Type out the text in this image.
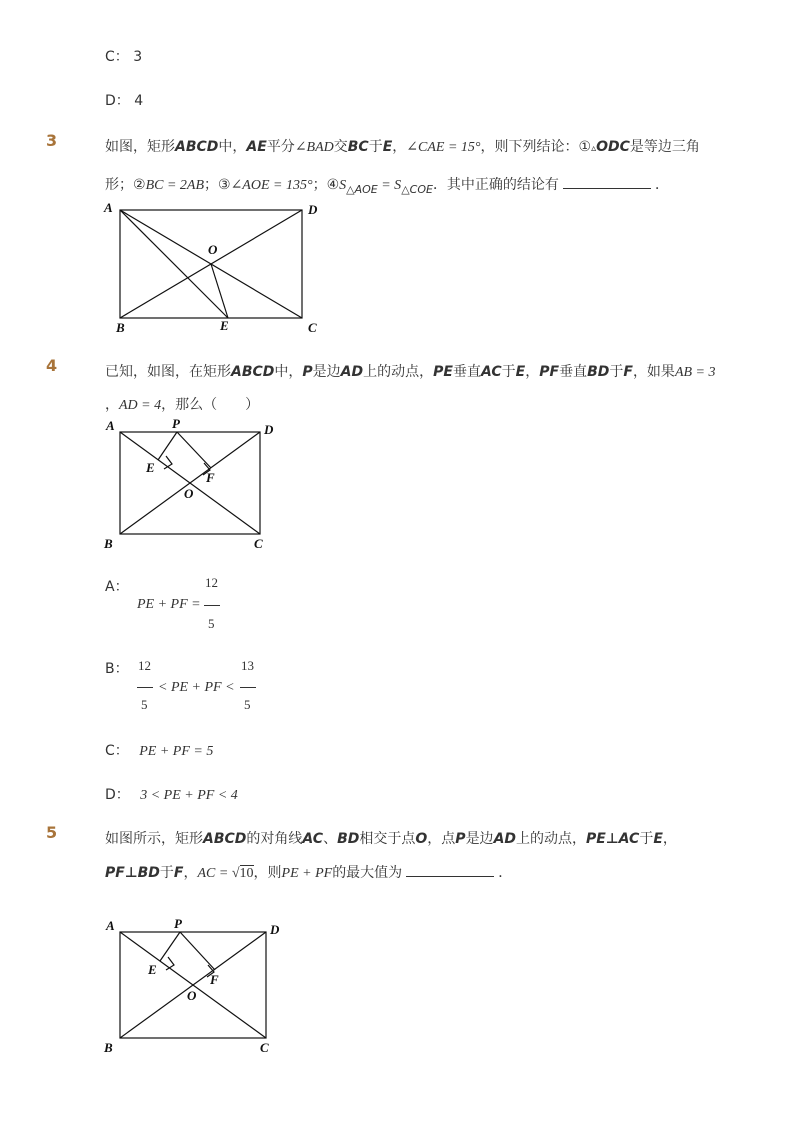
C： 3
D： 4
3	如图，矩形ABCD中，AE平分∠BAD交BC于E，∠CAE = 15°，则下列结论：①▵ODC是等边三角
形；②BC = 2AB；③∠AOE = 135°；$④S_{\triangle AOE} = S_{\triangle COE}$．其中正确的结论有	．
A	D
O
B	E	C
4	已知，如图，在矩形ABCD中，P是边AD上的动点，PE垂直AC于E，PF垂直BD于F，如果AB = 3
，AD = 4，那么（　　）
A	P	D
E
F
O
B	C
A：
PE + PF =
12
5
B： 12
5
< PE + PF <
13
5
C： PE + PF = 5
D： 3 < PE + PF < 4
5	如图所示，矩形ABCD的对角线AC、BD相交于点O，点P是边AD上的动点，PE⊥AC于E，
PF⊥BD于F，AC = √10，则PE + PF的最大值为	．
A	P	D
E
F
O
B	C
